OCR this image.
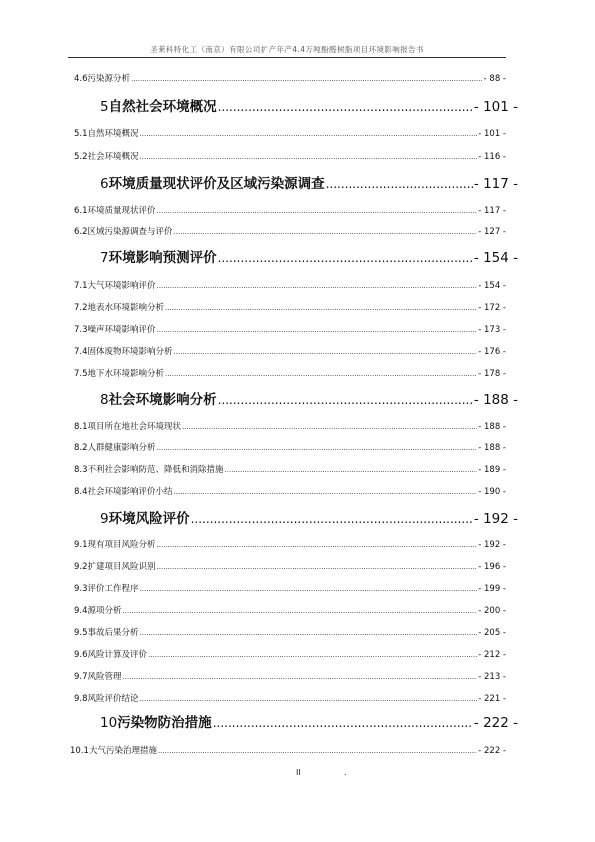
圣莱科特化工（南京）有限公司扩产年产4.4万吨酚醛树脂项目环境影响报告书
4.6 污染源分析 .....	- 88 -
5 自然社会环境概况 .....	- 101 -
5.1 自然环境概况 .....	- 101 -
5.2 社会环境概况 .....	- 116 -
6 环境质量现状评价及区域污染源调查 .....	- 117 -
6.1 环境质量现状评价 .....	- 117 -
6.2 区域污染源调查与评价 .....	- 127 -
7 环境影响预测评价 .....	- 154 -
7.1 大气环境影响评价 .....	- 154 -
7.2 地表水环境影响分析 .....	- 172 -
7.3 噪声环境影响评价 .....	- 173 -
7.4 固体废物环境影响分析 .....	- 176 -
7.5 地下水环境影响分析 .....	- 178 -
8 社会环境影响分析 .....	- 188 -
8.1 项目所在地社会环境现状 .....	- 188 -
8.2 人群健康影响分析 .....	- 188 -
8.3 不利社会影响防范、降低和消除措施 .....	- 189 -
8.4 社会环境影响评价小结 .....	- 190 -
9 环境风险评价 .....	- 192 -
9.1 现有项目风险分析 .....	- 192 -
9.2 扩建项目风险识别 .....	- 196 -
9.3 评价工作程序 .....	- 199 -
9.4 源项分析 .....	- 200 -
9.5 事故后果分析 .....	- 205 -
9.6 风险计算及评价 .....	- 212 -
9.7 风险管理 .....	- 213 -
9.8 风险评价结论 .....	- 221 -
10 污染物防治措施 .....	- 222 -
10.1 大气污染治理措施 .....	- 222 -
II	.
